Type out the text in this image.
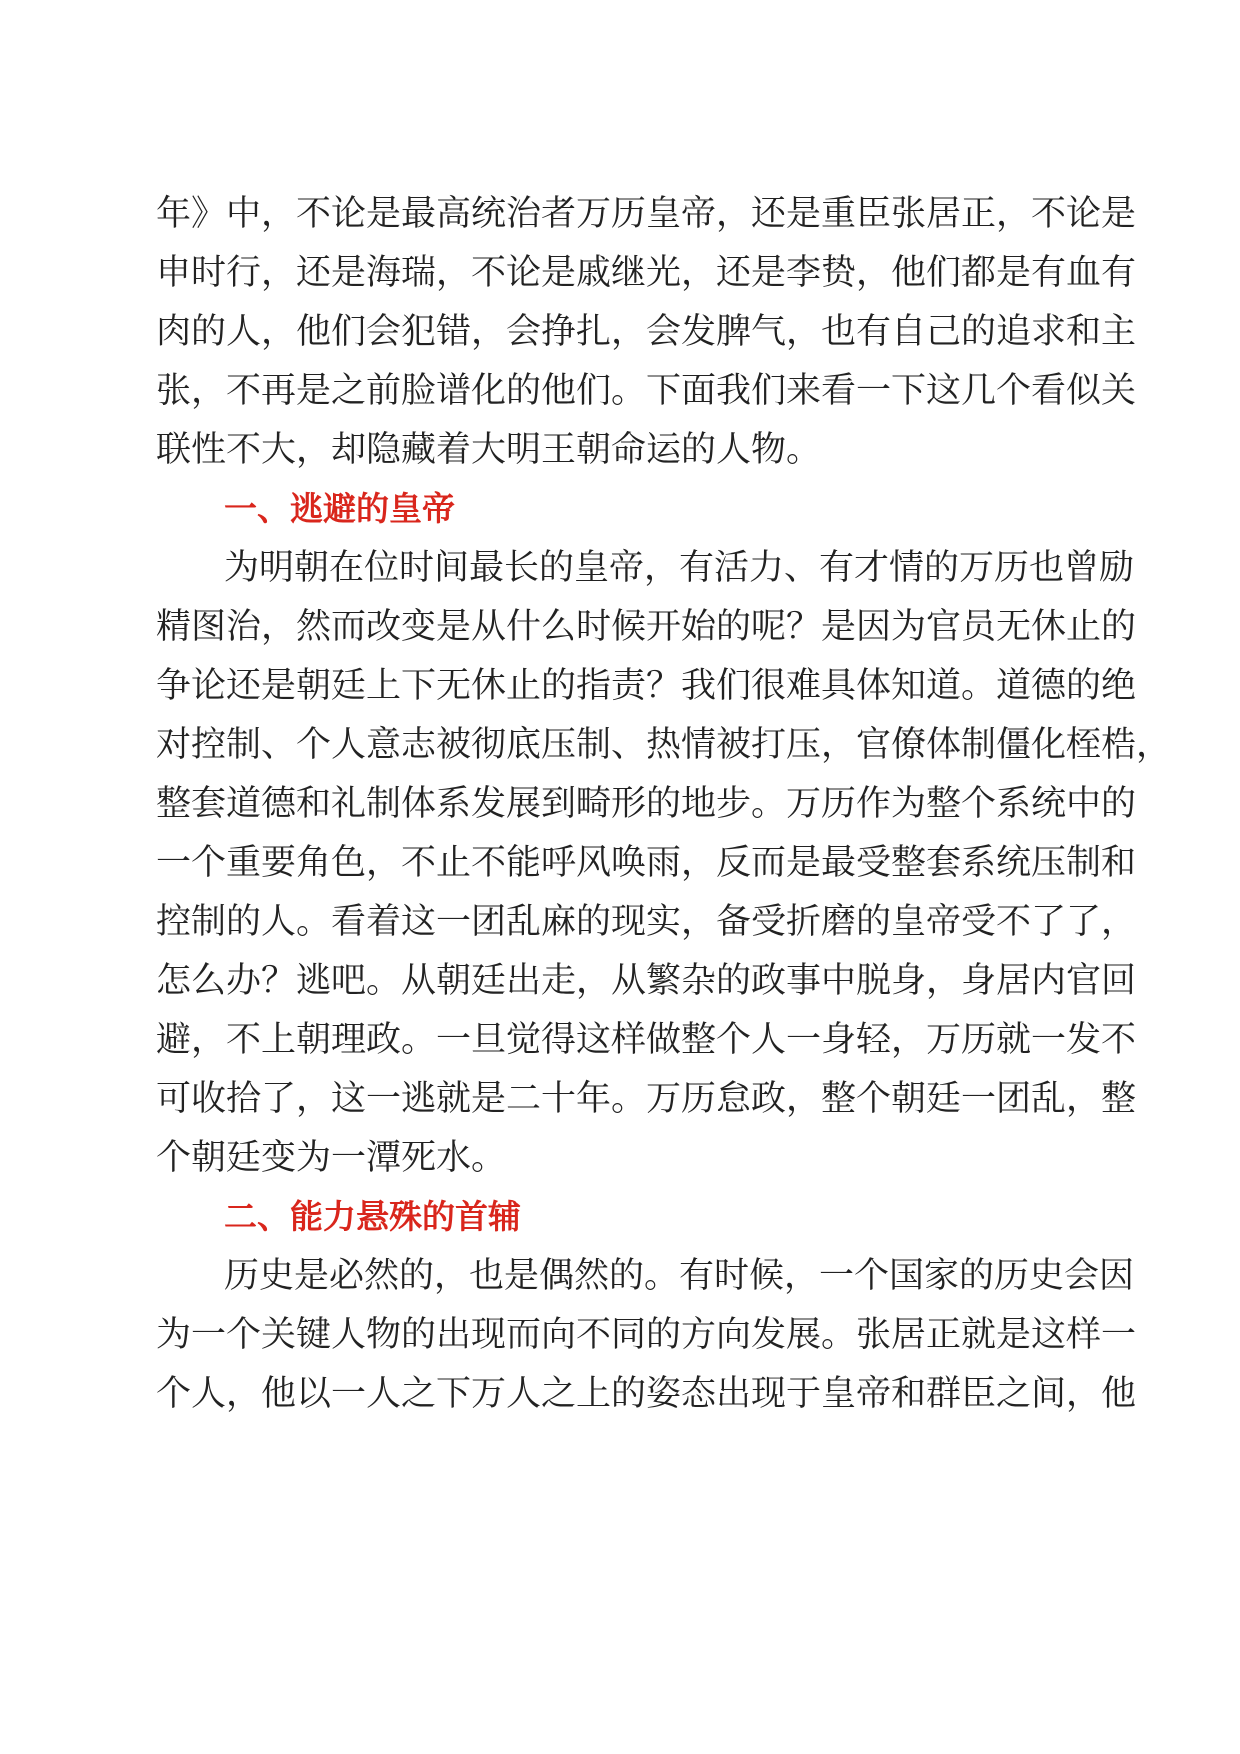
年》中，不论是最高统治者万历皇帝，还是重臣张居正，不论是
申时行，还是海瑞，不论是戚继光，还是李贽，他们都是有血有
肉的人，他们会犯错，会挣扎，会发脾气，也有自己的追求和主
张，不再是之前脸谱化的他们。下面我们来看一下这几个看似关
联性不大，却隐藏着大明王朝命运的人物。
一、逃避的皇帝
为明朝在位时间最长的皇帝，有活力、有才情的万历也曾励
精图治，然而改变是从什么时候开始的呢？是因为官员无休止的
争论还是朝廷上下无休止的指责？我们很难具体知道。道德的绝
对控制、个人意志被彻底压制、热情被打压，官僚体制僵化桎梏，
整套道德和礼制体系发展到畸形的地步。万历作为整个系统中的
一个重要角色，不止不能呼风唤雨，反而是最受整套系统压制和
控制的人。看着这一团乱麻的现实，备受折磨的皇帝受不了了，
怎么办？逃吧。从朝廷出走，从繁杂的政事中脱身，身居内官回
避，不上朝理政。一旦觉得这样做整个人一身轻，万历就一发不
可收拾了，这一逃就是二十年。万历怠政，整个朝廷一团乱，整
个朝廷变为一潭死水。
二、能力悬殊的首辅
历史是必然的，也是偶然的。有时候，一个国家的历史会因
为一个关键人物的出现而向不同的方向发展。张居正就是这样一
个人，他以一人之下万人之上的姿态出现于皇帝和群臣之间，他
